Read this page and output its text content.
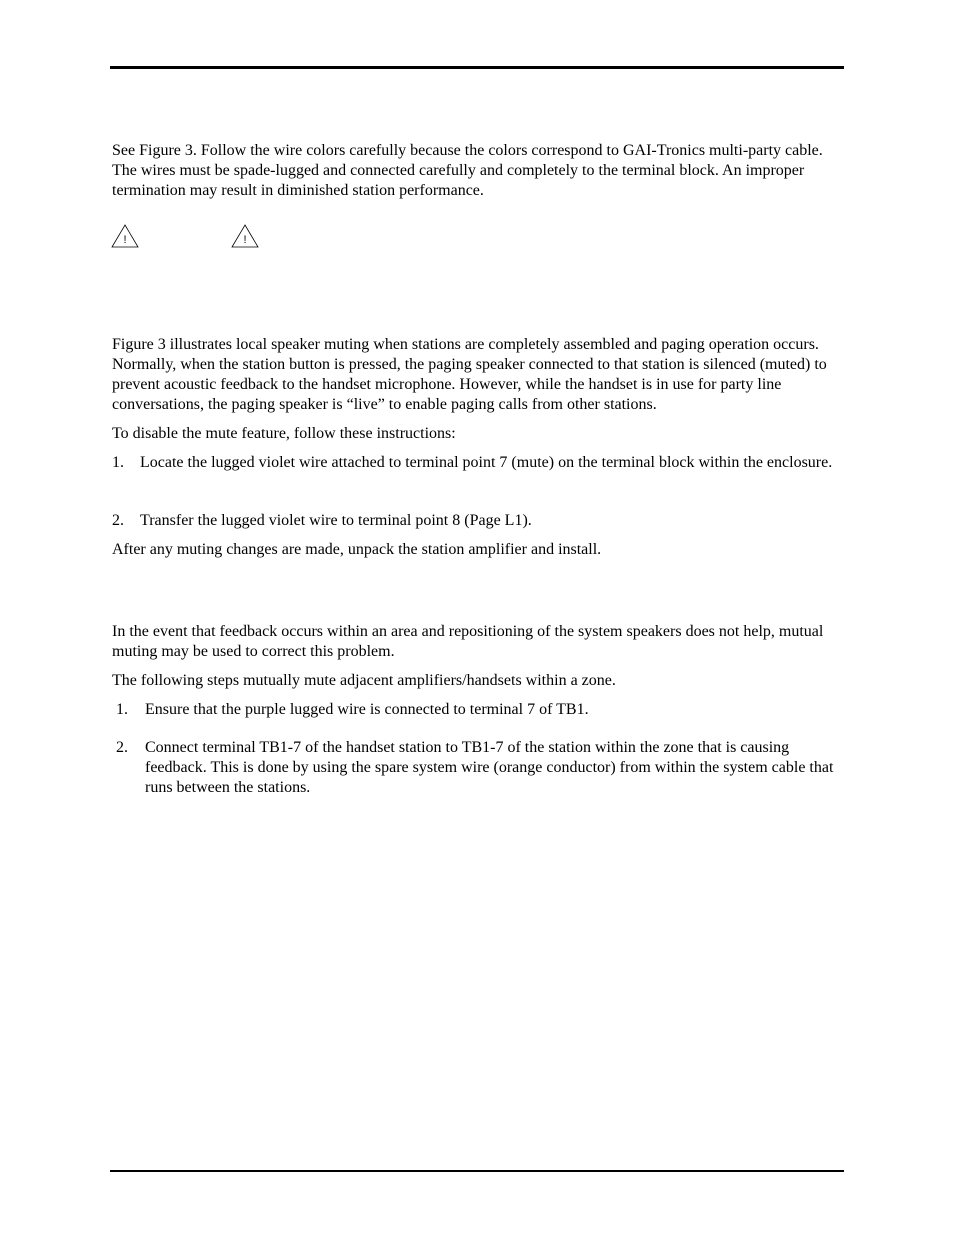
See Figure 3. Follow the wire colors carefully because the colors correspond to GAI-Tronics multi-party cable. The wires must be spade-lugged and connected carefully and completely to the terminal block. An improper termination may result in diminished station performance.

!	!

Figure 3 illustrates local speaker muting when stations are completely assembled and paging operation occurs. Normally, when the station button is pressed, the paging speaker connected to that station is silenced (muted) to prevent acoustic feedback to the handset microphone. However, while the handset is in use for party line conversations, the paging speaker is “live” to enable paging calls from other stations.

To disable the mute feature, follow these instructions:

1. Locate the lugged violet wire attached to terminal point 7 (mute) on the terminal block within the enclosure.
2. Transfer the lugged violet wire to terminal point 8 (Page L1).

After any muting changes are made, unpack the station amplifier and install.

In the event that feedback occurs within an area and repositioning of the system speakers does not help, mutual muting may be used to correct this problem.

The following steps mutually mute adjacent amplifiers/handsets within a zone.

1. Ensure that the purple lugged wire is connected to terminal 7 of TB1.
2. Connect terminal TB1-7 of the handset station to TB1-7 of the station within the zone that is causing feedback. This is done by using the spare system wire (orange conductor) from within the system cable that runs between the stations.
